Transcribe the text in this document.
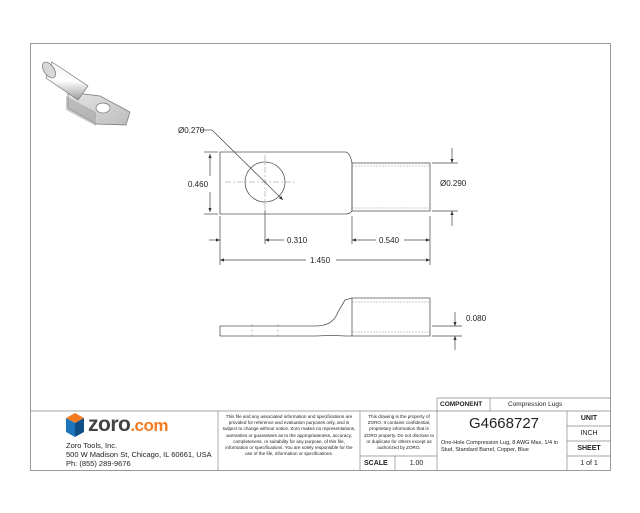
Ø0.270
0.460	Ø0.290
0.310	0.540
1.450
0.080
zoro.com
Zoro Tools, Inc.
500 W Madison St, Chicago, IL 60661, USA
Ph: (855) 289-9676
This file and any associated information and specifications are provided for reference and evaluation purposes only, and is subject to change without notice. Zoro makes no representations, warranties or guarantees as to the appropriateness, accuracy, completeness, or suitability for any purpose, of this file, information or specifications. You are solely responsible for the use of the file, information or specifications.
This drawing is the property of ZORO. It contains confidential, proprietary information that is ZORO property. Do not disclose to or duplicate for others except as authorized by ZORO.
COMPONENT	Compression Lugs
G4668727
One-Hole Compression Lug, 8 AWG Max, 1/4 in Stud, Standard Barrel, Copper, Blue
UNIT
INCH
SHEET
1 of 1
SCALE	1.00
